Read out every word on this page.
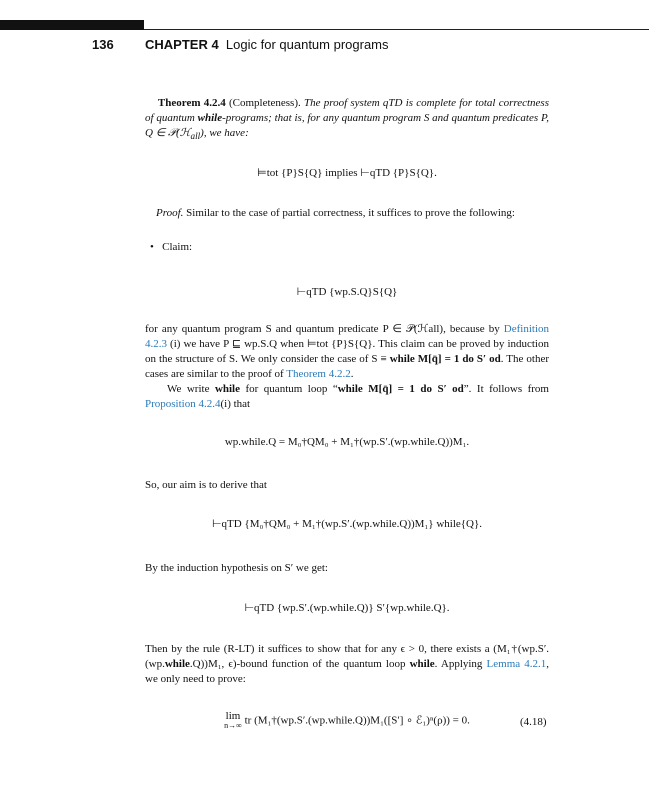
136 CHAPTER 4 Logic for quantum programs
Theorem 4.2.4 (Completeness). The proof system qTD is complete for total correctness of quantum while-programs; that is, for any quantum program S and quantum predicates P, Q ∈ 𝒫(ℋ$_{all}$), we have:
⊨tot {P}S{Q} implies ⊢qTD {P}S{Q}.
Proof. Similar to the case of partial correctness, it suffices to prove the following:
• Claim:
⊢qTD {wp.S.Q}S{Q}
for any quantum program S and quantum predicate P ∈ 𝒫(ℋall), because by Definition 4.2.3 (i) we have P ⊑ wp.S.Q when ⊨tot {P}S{Q}. This claim can be proved by induction on the structure of S. We only consider the case of S ≡ while M[q̄] = 1 do S′ od. The other cases are similar to the proof of Theorem 4.2.2.
We write while for quantum loop “while M[q̄] = 1 do S′ od”. It follows from Proposition 4.2.4(i) that
wp.while.Q = M₀†QM₀ + M₁†(wp.S′.(wp.while.Q))M₁.
So, our aim is to derive that
⊢qTD {M₀†QM₀ + M₁†(wp.S′.(wp.while.Q))M₁} while{Q}.
By the induction hypothesis on S′ we get:
⊢qTD {wp.S′.(wp.while.Q)} S′{wp.while.Q}.
Then by the rule (R-LT) it suffices to show that for any ϵ > 0, there exists a (M₁†(wp.S′.(wp.while.Q))M₁, ϵ)-bound function of the quantum loop while. Applying Lemma 4.2.1, we only need to prove:
lim
n→∞ tr (M₁†(wp.S′.(wp.while.Q))M₁([S′] ∘ ℰ₁)ⁿ(ρ)) = 0.	(4.18)
